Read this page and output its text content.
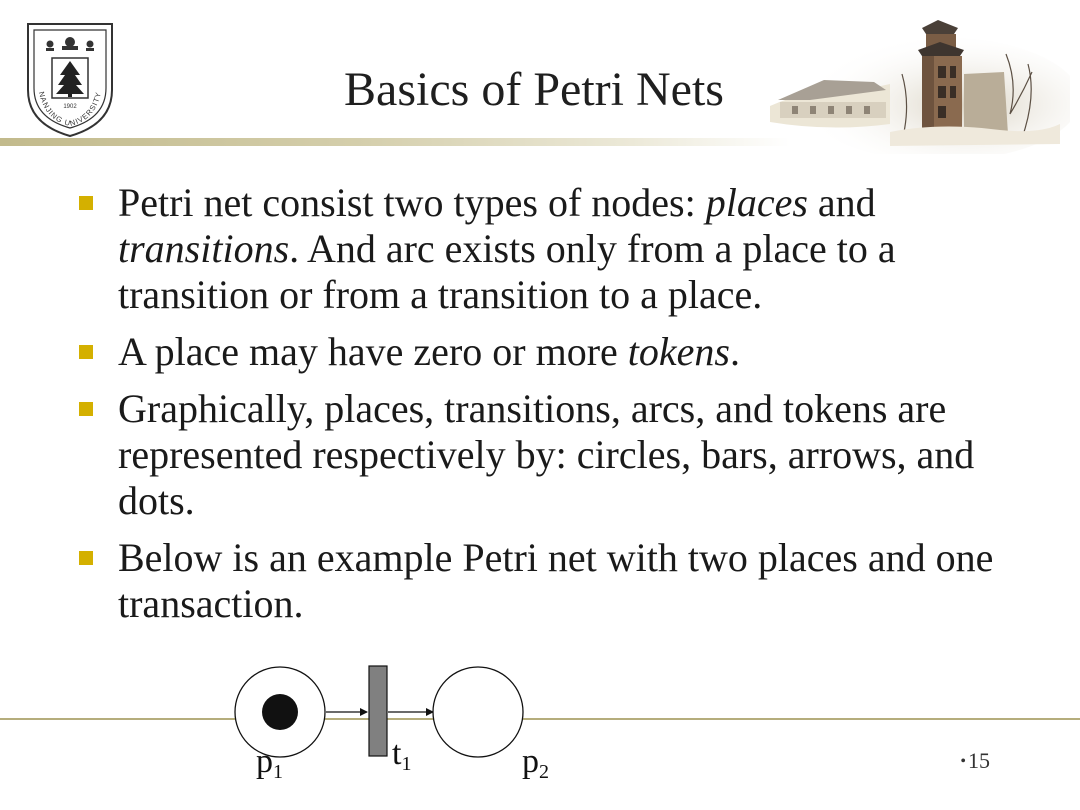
1902
NANJING UNIVERSITY	Basics of Petri Nets
Petri net consist two types of nodes: places and transitions. And arc exists only from a place to a transition or from a transition to a place.
A place may have zero or more tokens.
Graphically, places, transitions, arcs, and tokens are represented respectively by: circles, bars, arrows, and dots.
Below is an example Petri net with two places and one transaction.
p1	t1	p2	•15
